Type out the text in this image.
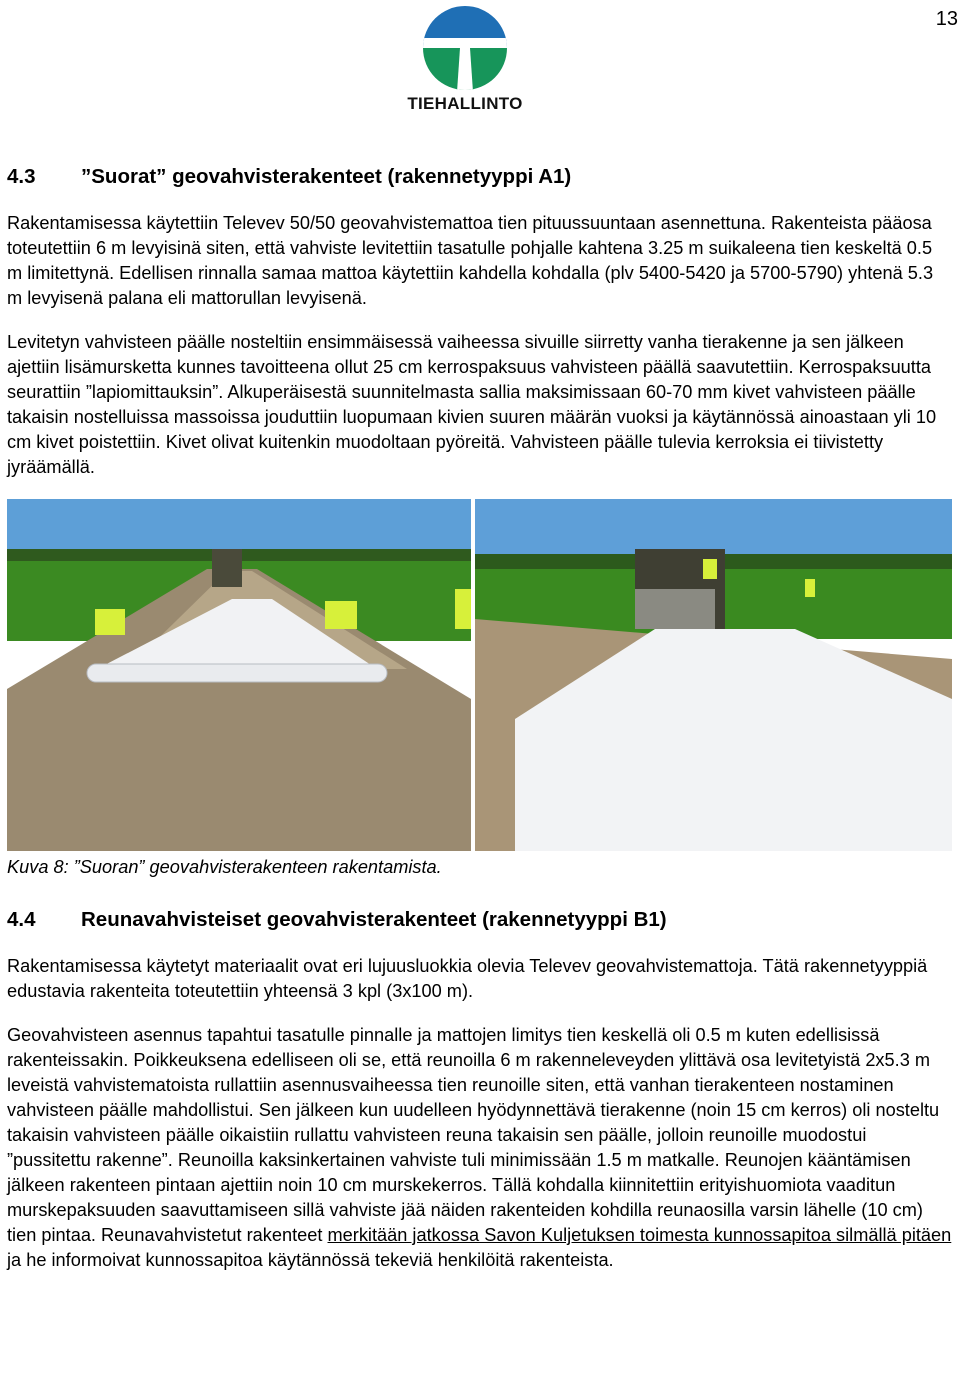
13
TIEHALLINTO
4.3	”Suorat” geovahvisterakenteet (rakennetyyppi A1)

Rakentamisessa käytettiin Televev 50/50 geovahvistemattoa tien pituussuuntaan asennettuna. Rakenteista pääosa toteutettiin 6 m levyisinä siten, että vahviste levitettiin tasatulle pohjalle kahtena 3.25 m suikaleena tien keskeltä 0.5 m limitettynä. Edellisen rinnalla samaa mattoa käytettiin kahdella kohdalla (plv 5400-5420 ja 5700-5790) yhtenä 5.3 m levyisenä palana eli mattorullan levyisenä.

Levitetyn vahvisteen päälle nosteltiin ensimmäisessä vaiheessa sivuille siirretty vanha tierakenne ja sen jälkeen ajettiin lisämursketta kunnes tavoitteena ollut 25 cm kerrospaksuus vahvisteen päällä saavutettiin. Kerrospaksuutta seurattiin ”lapiomittauksin”. Alkuperäisestä suunnitelmasta sallia maksimissaan 60-70 mm kivet vahvisteen päälle takaisin nostelluissa massoissa jouduttiin luopumaan kivien suuren määrän vuoksi ja käytännössä ainoastaan yli 10 cm kivet poistettiin. Kivet olivat kuitenkin muodoltaan pyöreitä. Vahvisteen päälle tulevia kerroksia ei tiivistetty jyräämällä.

Kuva 8: ”Suoran” geovahvisterakenteen rakentamista.
4.4	Reunavahvisteiset geovahvisterakenteet (rakennetyyppi B1)

Rakentamisessa käytetyt materiaalit ovat eri lujuusluokkia olevia Televev geovahvistemattoja. Tätä rakennetyyppiä edustavia rakenteita toteutettiin yhteensä 3 kpl (3x100 m).

Geovahvisteen asennus tapahtui tasatulle pinnalle ja mattojen limitys tien keskellä oli 0.5 m kuten edellisissä rakenteissakin. Poikkeuksena edelliseen oli se, että reunoilla 6 m rakenneleveyden ylittävä osa levitetyistä 2x5.3 m leveistä vahvistematoista rullattiin asennusvaiheessa tien reunoille siten, että vanhan tierakenteen nostaminen vahvisteen päälle mahdollistui. Sen jälkeen kun uudelleen hyödynnettävä tierakenne (noin 15 cm kerros) oli nosteltu takaisin vahvisteen päälle oikaistiin rullattu vahvisteen reuna takaisin sen päälle, jolloin reunoille muodostui ”pussitettu rakenne”. Reunoilla kaksinkertainen vahviste tuli minimissään 1.5 m matkalle. Reunojen kääntämisen jälkeen rakenteen pintaan ajettiin noin 10 cm murskekerros. Tällä kohdalla kiinnitettiin erityishuomiota vaaditun murskepaksuuden saavuttamiseen sillä vahviste jää näiden rakenteiden kohdilla reunaosilla varsin lähelle (10 cm) tien pintaa. Reunavahvistetut rakenteet merkitään jatkossa Savon Kuljetuksen toimesta kunnossapitoa silmällä pitäen ja he informoivat kunnossapitoa käytännössä tekeviä henkilöitä rakenteista.
